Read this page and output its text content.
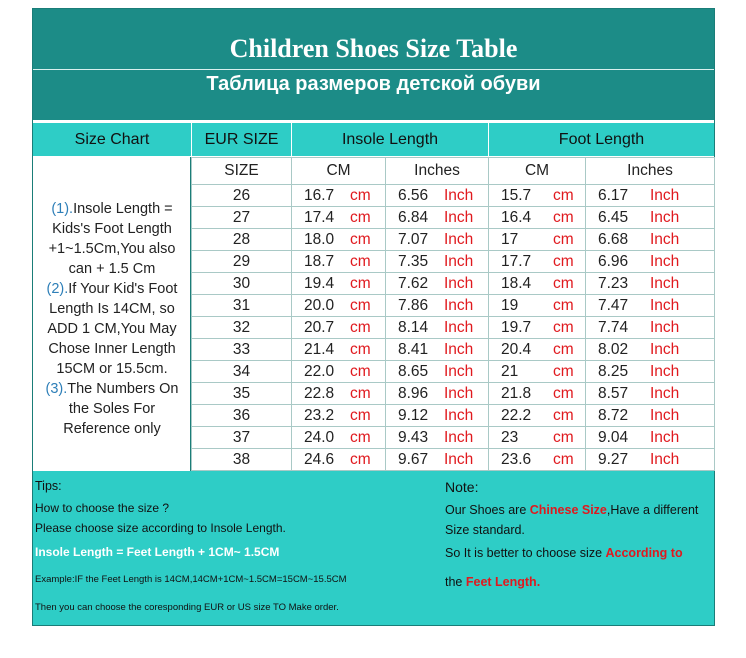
Children Shoes Size Table
Таблица размеров детской обуви
Size Chart	EUR SIZE	Insole Length	Foot Length
(1).Insole Length = Kids's Foot Length +1~1.5Cm,You also can + 1.5 Cm
(2).If Your Kid's Foot Length Is 14CM, so ADD 1 CM,You May Chose Inner Length 15CM or 15.5cm.
(3).The Numbers On the Soles For Reference only
SIZE	CM	Inches	CM	Inches
26	16.7 cm	6.56 Inch	15.7 cm	6.17 Inch
27	17.4 cm	6.84 Inch	16.4 cm	6.45 Inch
28	18.0 cm	7.07 Inch	17 cm	6.68 Inch
29	18.7 cm	7.35 Inch	17.7 cm	6.96 Inch
30	19.4 cm	7.62 Inch	18.4 cm	7.23 Inch
31	20.0 cm	7.86 Inch	19 cm	7.47 Inch
32	20.7 cm	8.14 Inch	19.7 cm	7.74 Inch
33	21.4 cm	8.41 Inch	20.4 cm	8.02 Inch
34	22.0 cm	8.65 Inch	21 cm	8.25 Inch
35	22.8 cm	8.96 Inch	21.8 cm	8.57 Inch
36	23.2 cm	9.12 Inch	22.2 cm	8.72 Inch
37	24.0 cm	9.43 Inch	23 cm	9.04 Inch
38	24.6 cm	9.67 Inch	23.6 cm	9.27 Inch
Tips:
How to choose the size ?
Please choose size according to Insole Length.
Insole Length = Feet Length + 1CM~ 1.5CM
Example:IF the Feet Length is 14CM,14CM+1CM~1.5CM=15CM~15.5CM
Then you can choose the coresponding EUR or US size TO Make order.
Note:
Our Shoes are Chinese Size,Have a different
Size standard.
So It is better to choose size According to
the Feet Length.
